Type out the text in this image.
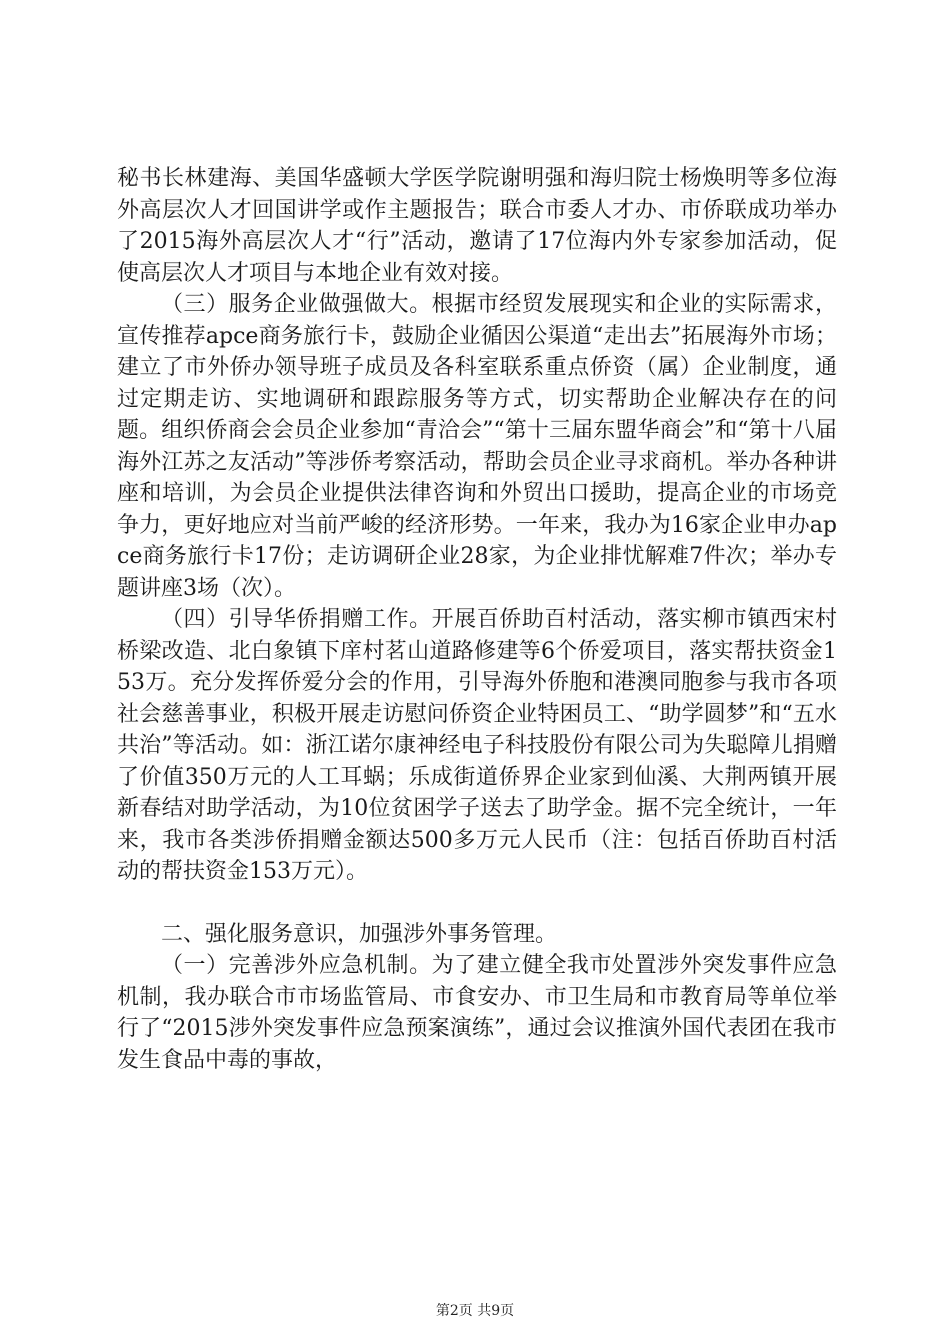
秘书长林建海、美国华盛顿大学医学院谢明强和海归院士杨焕明等多位海外高层次人才回国讲学或作主题报告；联合市委人才办、市侨联成功举办了2015海外高层次人才“行”活动，邀请了17位海内外专家参加活动，促使高层次人才项目与本地企业有效对接。

（三）服务企业做强做大。根据市经贸发展现实和企业的实际需求，宣传推荐apce商务旅行卡，鼓励企业循因公渠道“走出去”拓展海外市场；建立了市外侨办领导班子成员及各科室联系重点侨资（属）企业制度，通过定期走访、实地调研和跟踪服务等方式，切实帮助企业解决存在的问题。组织侨商会会员企业参加“青洽会”“第十三届东盟华商会”和“第十八届海外江苏之友活动”等涉侨考察活动，帮助会员企业寻求商机。举办各种讲座和培训，为会员企业提供法律咨询和外贸出口援助，提高企业的市场竞争力，更好地应对当前严峻的经济形势。一年来，我办为16家企业申办apce商务旅行卡17份；走访调研企业28家，为企业排忧解难7件次；举办专题讲座3场（次）。

（四）引导华侨捐赠工作。开展百侨助百村活动，落实柳市镇西宋村桥梁改造、北白象镇下庠村茗山道路修建等6个侨爱项目，落实帮扶资金153万。充分发挥侨爱分会的作用，引导海外侨胞和港澳同胞参与我市各项社会慈善事业，积极开展走访慰问侨资企业特困员工、“助学圆梦”和“五水共治”等活动。如：浙江诺尔康神经电子科技股份有限公司为失聪障儿捐赠了价值350万元的人工耳蜗；乐成街道侨界企业家到仙溪、大荆两镇开展新春结对助学活动，为10位贫困学子送去了助学金。据不完全统计，一年来，我市各类涉侨捐赠金额达500多万元人民币（注：包括百侨助百村活动的帮扶资金153万元）。

二、强化服务意识，加强涉外事务管理。

（一）完善涉外应急机制。为了建立健全我市处置涉外突发事件应急机制，我办联合市市场监管局、市食安办、市卫生局和市教育局等单位举行了“2015涉外突发事件应急预案演练”，通过会议推演外国代表团在我市发生食品中毒的事故，

第2页 共9页
